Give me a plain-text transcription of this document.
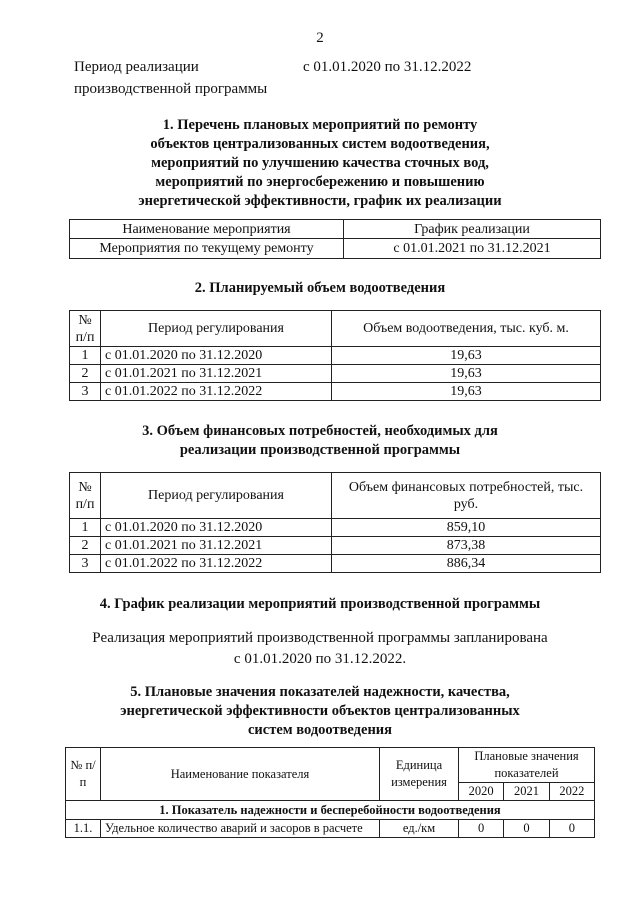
2
Период реализации
производственной программы
с 01.01.2020 по 31.12.2022
1. Перечень плановых мероприятий по ремонту
объектов централизованных систем водоотведения,
мероприятий по улучшению качества сточных вод,
мероприятий по энергосбережению и повышению
энергетической эффективности, график их реализации
Наименование мероприятия	График реализации
Мероприятия по текущему ремонту	с 01.01.2021 по 31.12.2021
2. Планируемый объем водоотведения
№ п/п	Период регулирования	Объем водоотведения, тыс. куб. м.
1	с 01.01.2020 по 31.12.2020	19,63
2	с 01.01.2021 по 31.12.2021	19,63
3	с 01.01.2022 по 31.12.2022	19,63
3. Объем финансовых потребностей, необходимых для
реализации производственной программы
№ п/п	Период регулирования	Объем финансовых потребностей, тыс. руб.
1	с 01.01.2020 по 31.12.2020	859,10
2	с 01.01.2021 по 31.12.2021	873,38
3	с 01.01.2022 по 31.12.2022	886,34
4. График реализации мероприятий производственной программы
Реализация мероприятий производственной программы запланирована
с 01.01.2020 по 31.12.2022.
5. Плановые значения показателей надежности, качества,
энергетической эффективности объектов централизованных
систем водоотведения
№ п/п	Наименование показателя	Единица измерения	Плановые значения показателей		
			2020	2021	2022
1. Показатель надежности и бесперебойности водоотведения					
1.1.	Удельное количество аварий и засоров в расчете	ед./км	0	0	0
